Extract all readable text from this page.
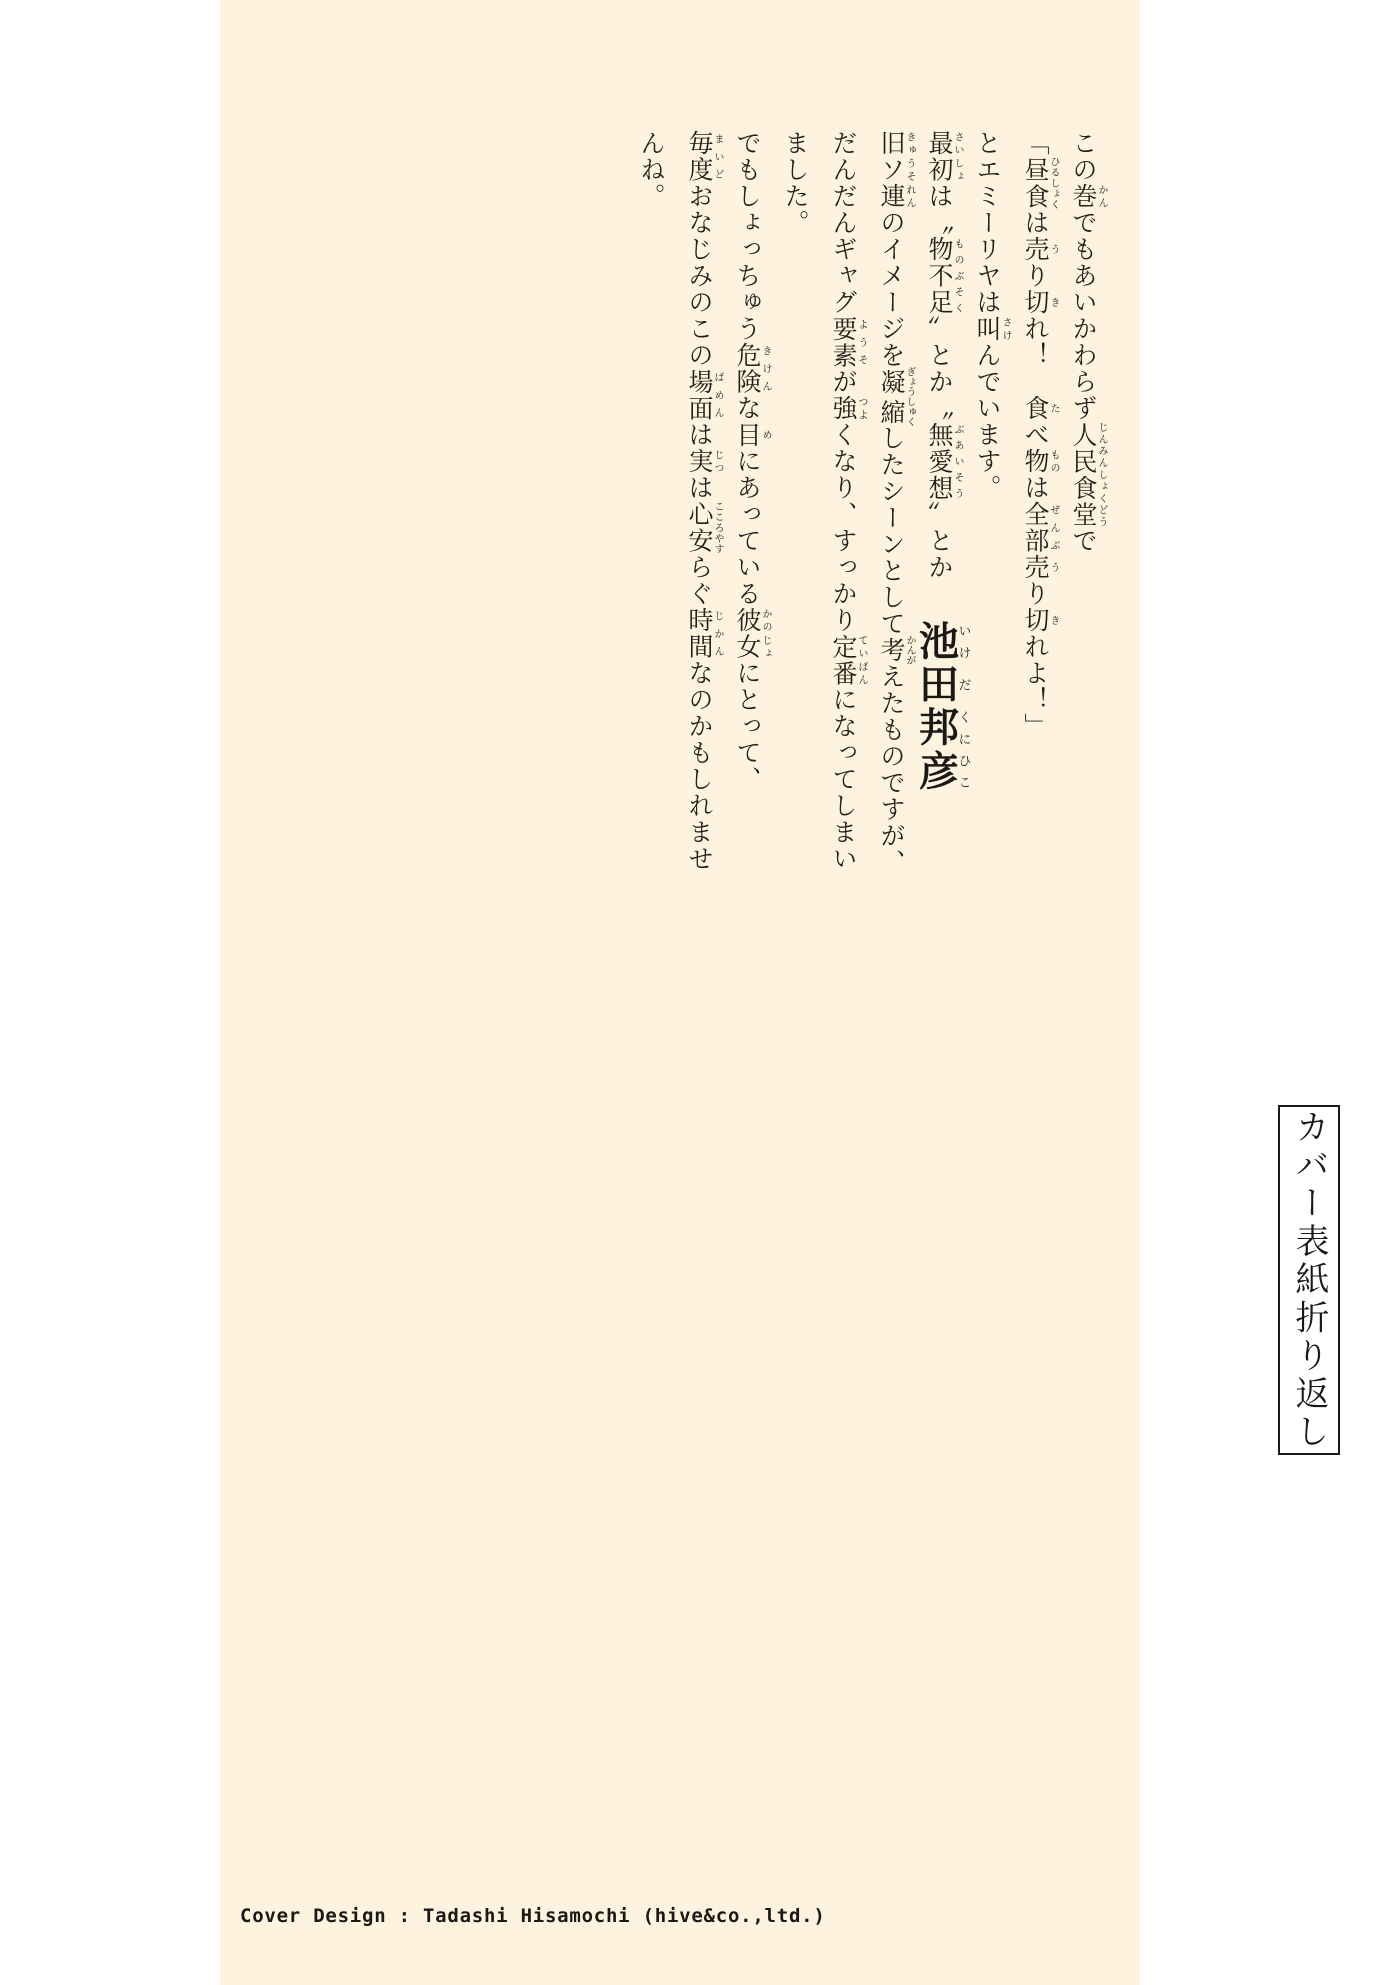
この巻かんでもあいかわらず人民食堂じんみんしょくどうで
「昼食ひるしょくは売うり切きれ！　食たべ物ものは全部ぜんぶ売うり切きれよ！」
とエミーリヤは叫さけんでいます。
最初さいしょは〝物不足ものぶそく〟とか〝無愛想ぶあいそう〟とか
旧ソ連きゅうそれんのイメージを凝縮ぎょうしゅくしたシーンとして考かんがえたものですが、
だんだんギャグ要素ようそが強つよくなり、すっかり定番ていばんになってしまいました。
でもしょっちゅう危険きけんな目めにあっている彼女かのじょにとって、
毎度まいどおなじみのこの場面ばめんは実じつは心安こころやすらぐ時間じかんなのかもしれませんね。

池いけ田だ邦くに彦ひこ
カバー表紙折り返し
Cover Design : Tadashi Hisamochi (hive&co.,ltd.)
